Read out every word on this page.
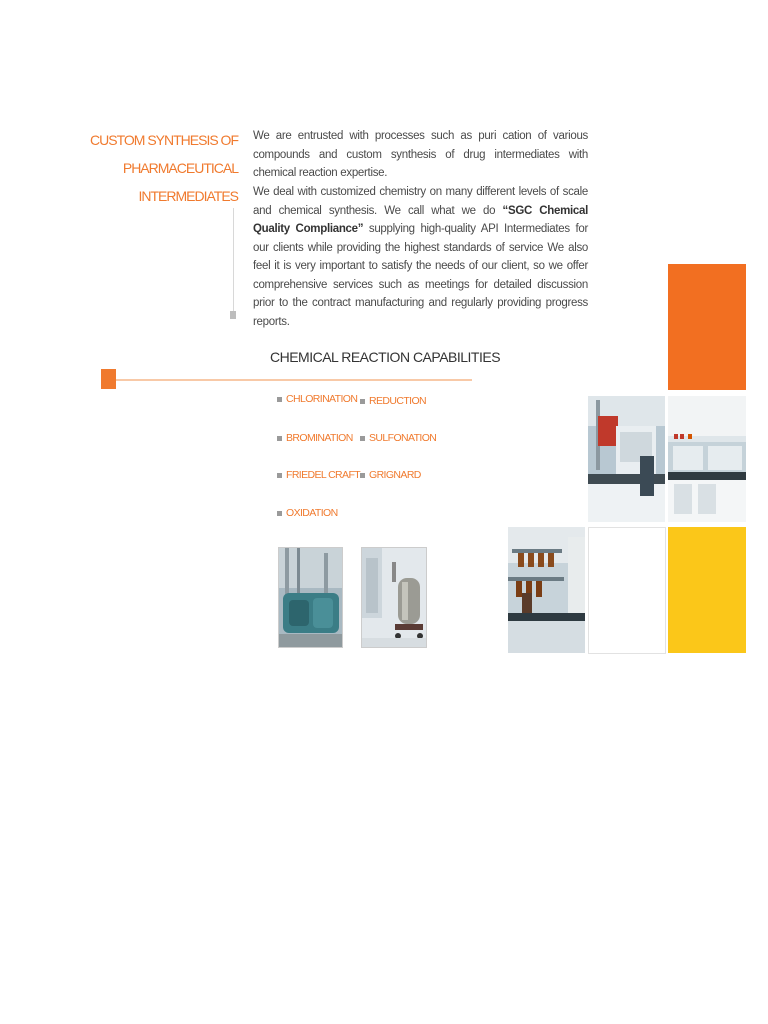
CUSTOM SYNTHESIS OF
PHARMACEUTICAL
INTERMEDIATES
We are entrusted with processes such as puri cation of various compounds and custom synthesis of drug intermediates with chemical reaction expertise.
We deal with customized chemistry on many different levels of scale and chemical synthesis. We call what we do “SGC Chemical Quality Compliance” supplying high-quality API Intermediates for our clients while providing the highest standards of service We also feel it is very important to satisfy the needs of our client, so we offer comprehensive services such as meetings for detailed discussion prior to the contract manufacturing and regularly providing progress reports.
CHEMICAL REACTION CAPABILITIES
CHLORINATION	REDUCTION
BROMINATION	SULFONATION
FRIEDEL CRAFT GRIGNARD
OXIDATION
